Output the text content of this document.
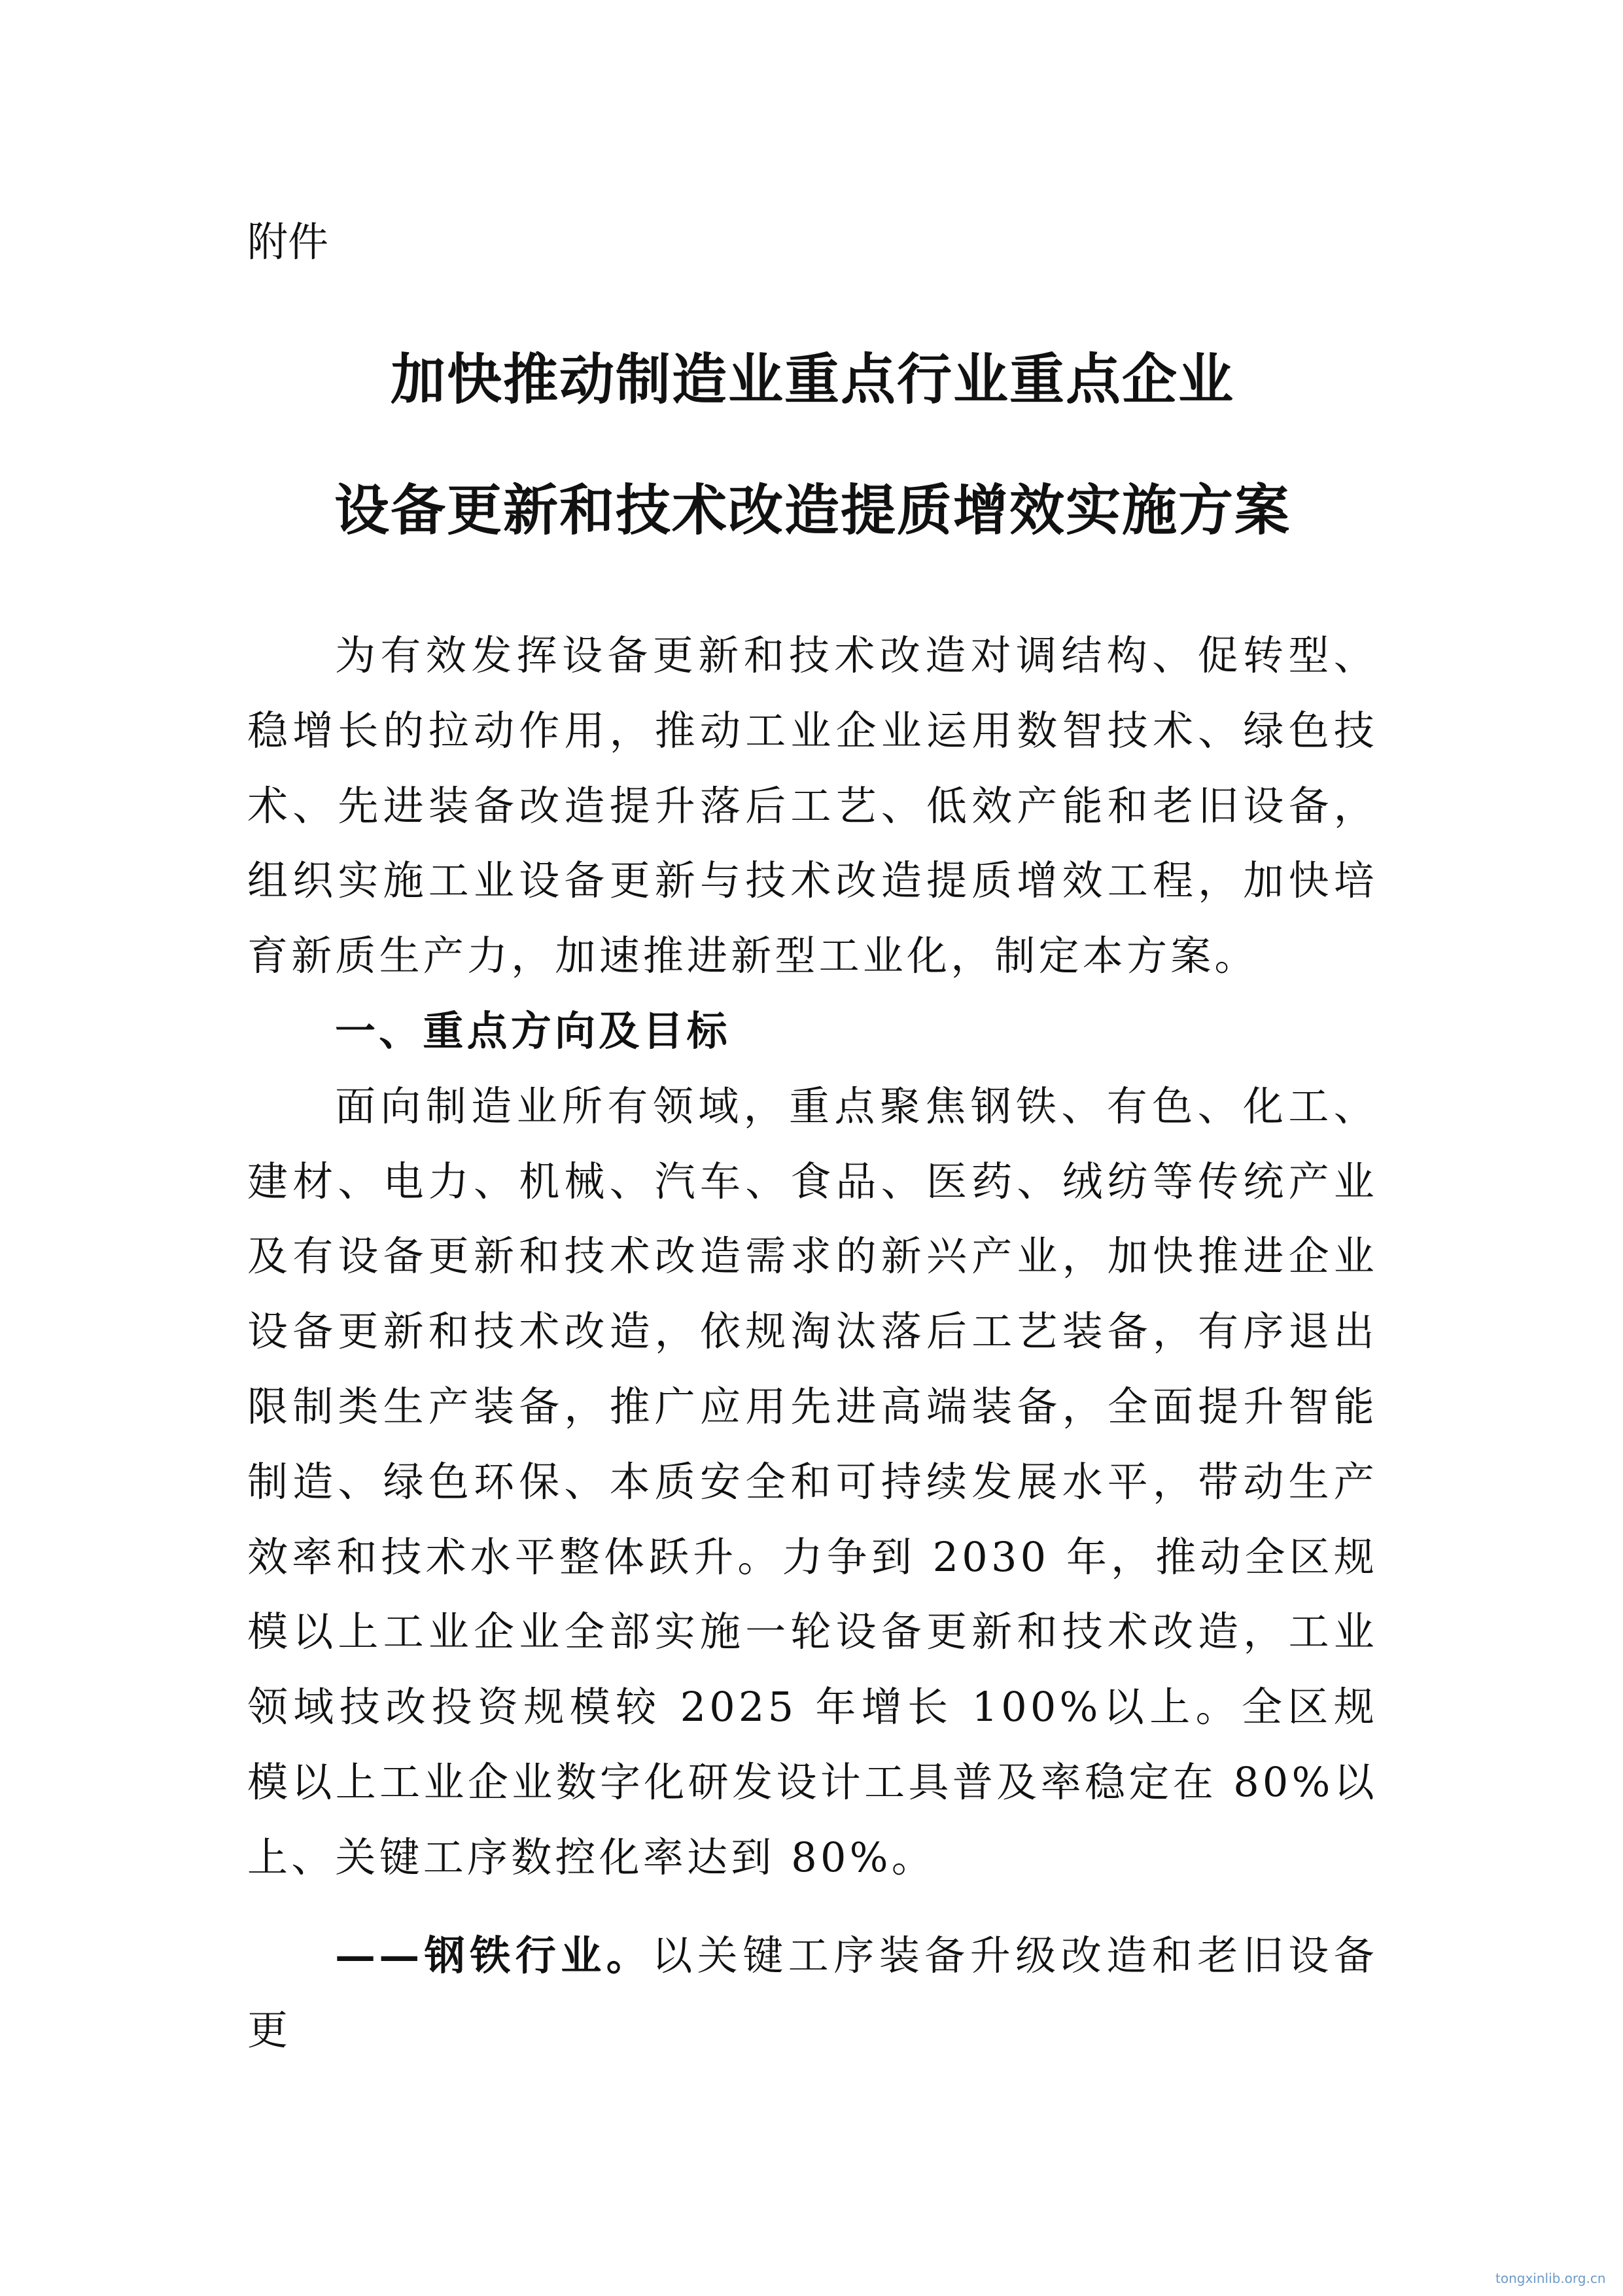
附件
加快推动制造业重点行业重点企业
设备更新和技术改造提质增效实施方案

为有效发挥设备更新和技术改造对调结构、促转型、稳增长的拉动作用，推动工业企业运用数智技术、绿色技术、先进装备改造提升落后工艺、低效产能和老旧设备，组织实施工业设备更新与技术改造提质增效工程，加快培育新质生产力，加速推进新型工业化，制定本方案。

一、重点方向及目标

面向制造业所有领域，重点聚焦钢铁、有色、化工、建材、电力、机械、汽车、食品、医药、绒纺等传统产业及有设备更新和技术改造需求的新兴产业，加快推进企业设备更新和技术改造，依规淘汰落后工艺装备，有序退出限制类生产装备，推广应用先进高端装备，全面提升智能制造、绿色环保、本质安全和可持续发展水平，带动生产效率和技术水平整体跃升。力争到 2030 年，推动全区规模以上工业企业全部实施一轮设备更新和技术改造，工业领域技改投资规模较 2025 年增长 100%以上。全区规模以上工业企业数字化研发设计工具普及率稳定在 80%以上、关键工序数控化率达到 80%。

——钢铁行业。以关键工序装备升级改造和老旧设备更

tongxinlib.org.cn
